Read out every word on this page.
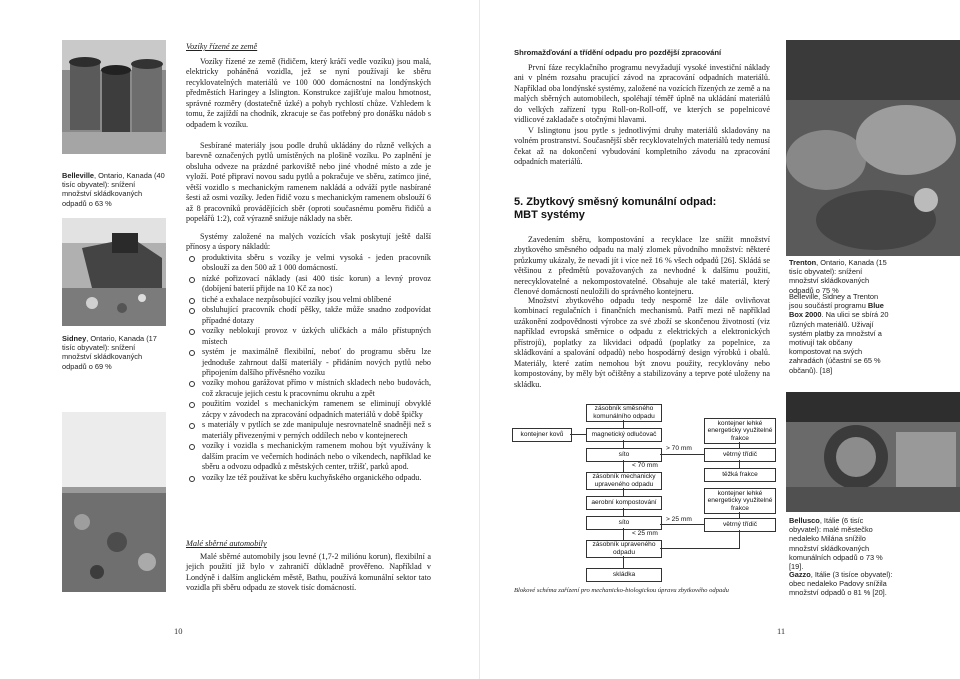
Belleville, Ontario, Kanada (40 tisíc obyvatel): snížení množství skládkovaných odpadů o 63 %
Sidney, Ontario, Kanada (17 tisíc obyvatel): snížení množství skládkovaných odpadů o 69 %
Vozíky řízené ze země
Vozíky řízené ze země (řidičem, který kráčí vedle vozíku) jsou malá, elektricky poháněná vozidla, jež se nyní používají ke sběru recyklovatelných materiálů ve 100 000 domácnostní na londýnských předměstích Haringey a Islington. Konstrukce zajišťuje malou hmotnost, správné rozměry (dostatečně úzké) a pohyb rychlostí chůze. Vzhledem k tomu, že zajíždí na chodník, zkracuje se čas potřebný pro donášku nádob s odpadem k vozíku.
Sesbírané materiály jsou podle druhů ukládány do různě velkých a barevně označených pytlů umístěných na plošině vozíku. Po zaplnění je obsluha odveze na prázdné parkoviště nebo jiné vhodné místo a zde je vyloží. Poté připraví novou sadu pytlů a pokračuje ve sběru, zatímco jiné, větší vozidlo s mechanickým ramenem nakládá a odváží pytle nasbírané šesti až osmi vozíky. Jeden řidič vozu s mechanickým ramenem obslouží 6 až 8 pracovníků provádějících sběr (oproti současnému poměru řidičů a popelářů 1:2), což výrazně snižuje náklady na sběr.
Systémy založené na malých vozících však poskytují ještě další přínosy a úspory nákladů:
produktivita sběru s vozíky je velmi vysoká - jeden pracovník obslouží za den 500 až 1 000 domácností.
nízké pořizovací náklady (asi 400 tisíc korun) a levný provoz (dobíjení baterií přijde na 10 Kč za noc)
tiché a exhalace nezpůsobující vozíky jsou velmi oblíbené
obsluhující pracovník chodí pěšky, takže může snadno zodpovídat případné dotazy
vozíky neblokují provoz v úzkých uličkách a málo přístupných místech
systém je maximálně flexibilní, neboť do programu sběru lze jednoduše zahrnout další materiály - přidáním nových pytlů nebo připojením dalšího přívěsného vozíku
vozíky mohou garážovat přímo v místních skladech nebo budovách, což zkracuje jejich cestu k pracovnímu okruhu a zpět
použitím vozidel s mechanickým ramenem se eliminují obvyklé zácpy v závodech na zpracování odpadních materiálů v době špičky
s materiály v pytlích se zde manipuluje nesrovnatelně snadněji než s materiály přivezenými v perných oddílech nebo v kontejnerech
vozíky i vozidla s mechanickým ramenem mohou být využívány k dalším pracím ve večerních hodinách nebo o víkendech, například ke sběru a odvozu odpadků z městských center, tržišť, parků apod.
vozíky lze též používat ke sběru kuchyňského organického odpadu.
Malé sběrné automobily
Malé sběrné automobily jsou levné (1,7-2 miliónu korun), flexibilní a jejich použití již bylo v zahraničí důkladně prověřeno. Například v Londýně i dalším anglickém městě, Bathu, používá komunální sektor tato vozidla při sběru odpadu ze stovek tisíc domácností.
10
Shromažďování a třídění odpadu pro pozdější zpracování
První fáze recyklačního programu nevyžadují vysoké investiční náklady ani v plném rozsahu pracující závod na zpracování odpadních materiálů. Například oba londýnské systémy, založené na vozících řízených ze země a na malých sběrných automobilech, spoléhají téměř úplně na ukládání materiálů do velkých zařízení typu Roll-on-Roll-off, ve kterých se popelnicové vidlicové zakladače s otočnými hlavami.
V Islingtonu jsou pytle s jednotlivými druhy materiálů skladovány na volném prostranství. Současnější sběr recyklovatelných materiálů tedy nemusí čekat až na dokončení vybudování kompletního závodu na zpracování odpadních materiálů.
5. Zbytkový směsný komunální odpad:
MBT systémy
Zavedením sběru, kompostování a recyklace lze snížit množství zbytkového směsného odpadu na malý zlomek původního množství: některé průzkumy ukázaly, že nevadí jít i více než 16 % všech odpadů [26]. Skládá se většinou z předmětů považovaných za nevhodné k dalšímu použití, nerecyklovatelné a nekompostovatelné. Obsahuje ale také materiál, který členové domácností neuložili do správného kontejneru.
Množství zbytkového odpadu tedy nesporně lze dále ovlivňovat kombinací regulačních i finančních mechanismů. Patří mezi ně například uzákonění zodpovědnosti výrobce za své zboží se skončenou životností (viz například evropská směrnice o odpadu z elektrických a elektronických přístrojů), poplatky za likvidaci odpadů (poplatky za popelnice, za skládkování a spalování odpadů) nebo hospodárný design výrobků i obalů. Materiály, které zatím nemohou být znovu použity, recyklovány nebo kompostovány, by měly být očištěny a stabilizovány a teprve poté uloženy na skládku.
Trenton, Ontario, Kanada (15 tisíc obyvatel): snížení množství skládkovaných odpadů o 75 %
Belleville, Sidney a Trenton jsou součástí programu Blue Box 2000. Na ulici se sbírá 20 různých materiálů. Uživají systém platby za množství a motivují tak občany kompostovat na svých zahradách (účastní se 65 % občanů). [18]
Bellusco, Itálie (6 tisíc obyvatel): malé městečko nedaleko Milána snížilo množství skládkovaných komunálních odpadů o 73 % [19].
Gazzo, Itálie (3 tisíce obyvatel): obec nedaleko Padovy snížila množství odpadů o 81 % [20].
11
zásobník směsného komunálního odpadu
magnetický odlučovač
síto
< 70 mm
zásobník mechanicky upraveného odpadu
aerobní kompostování
síto
< 25 mm
zásobník upraveného odpadu
skládka
kontejner kovů
kontejner lehké energeticky využitelné frakce
větrný třídič
těžká frakce
kontejner lehké energeticky využitelné frakce
větrný třídič
> 70 mm
> 25 mm
Blokové schéma zařízení pro mechanicko-biologickou úpravu zbytkového odpadu
